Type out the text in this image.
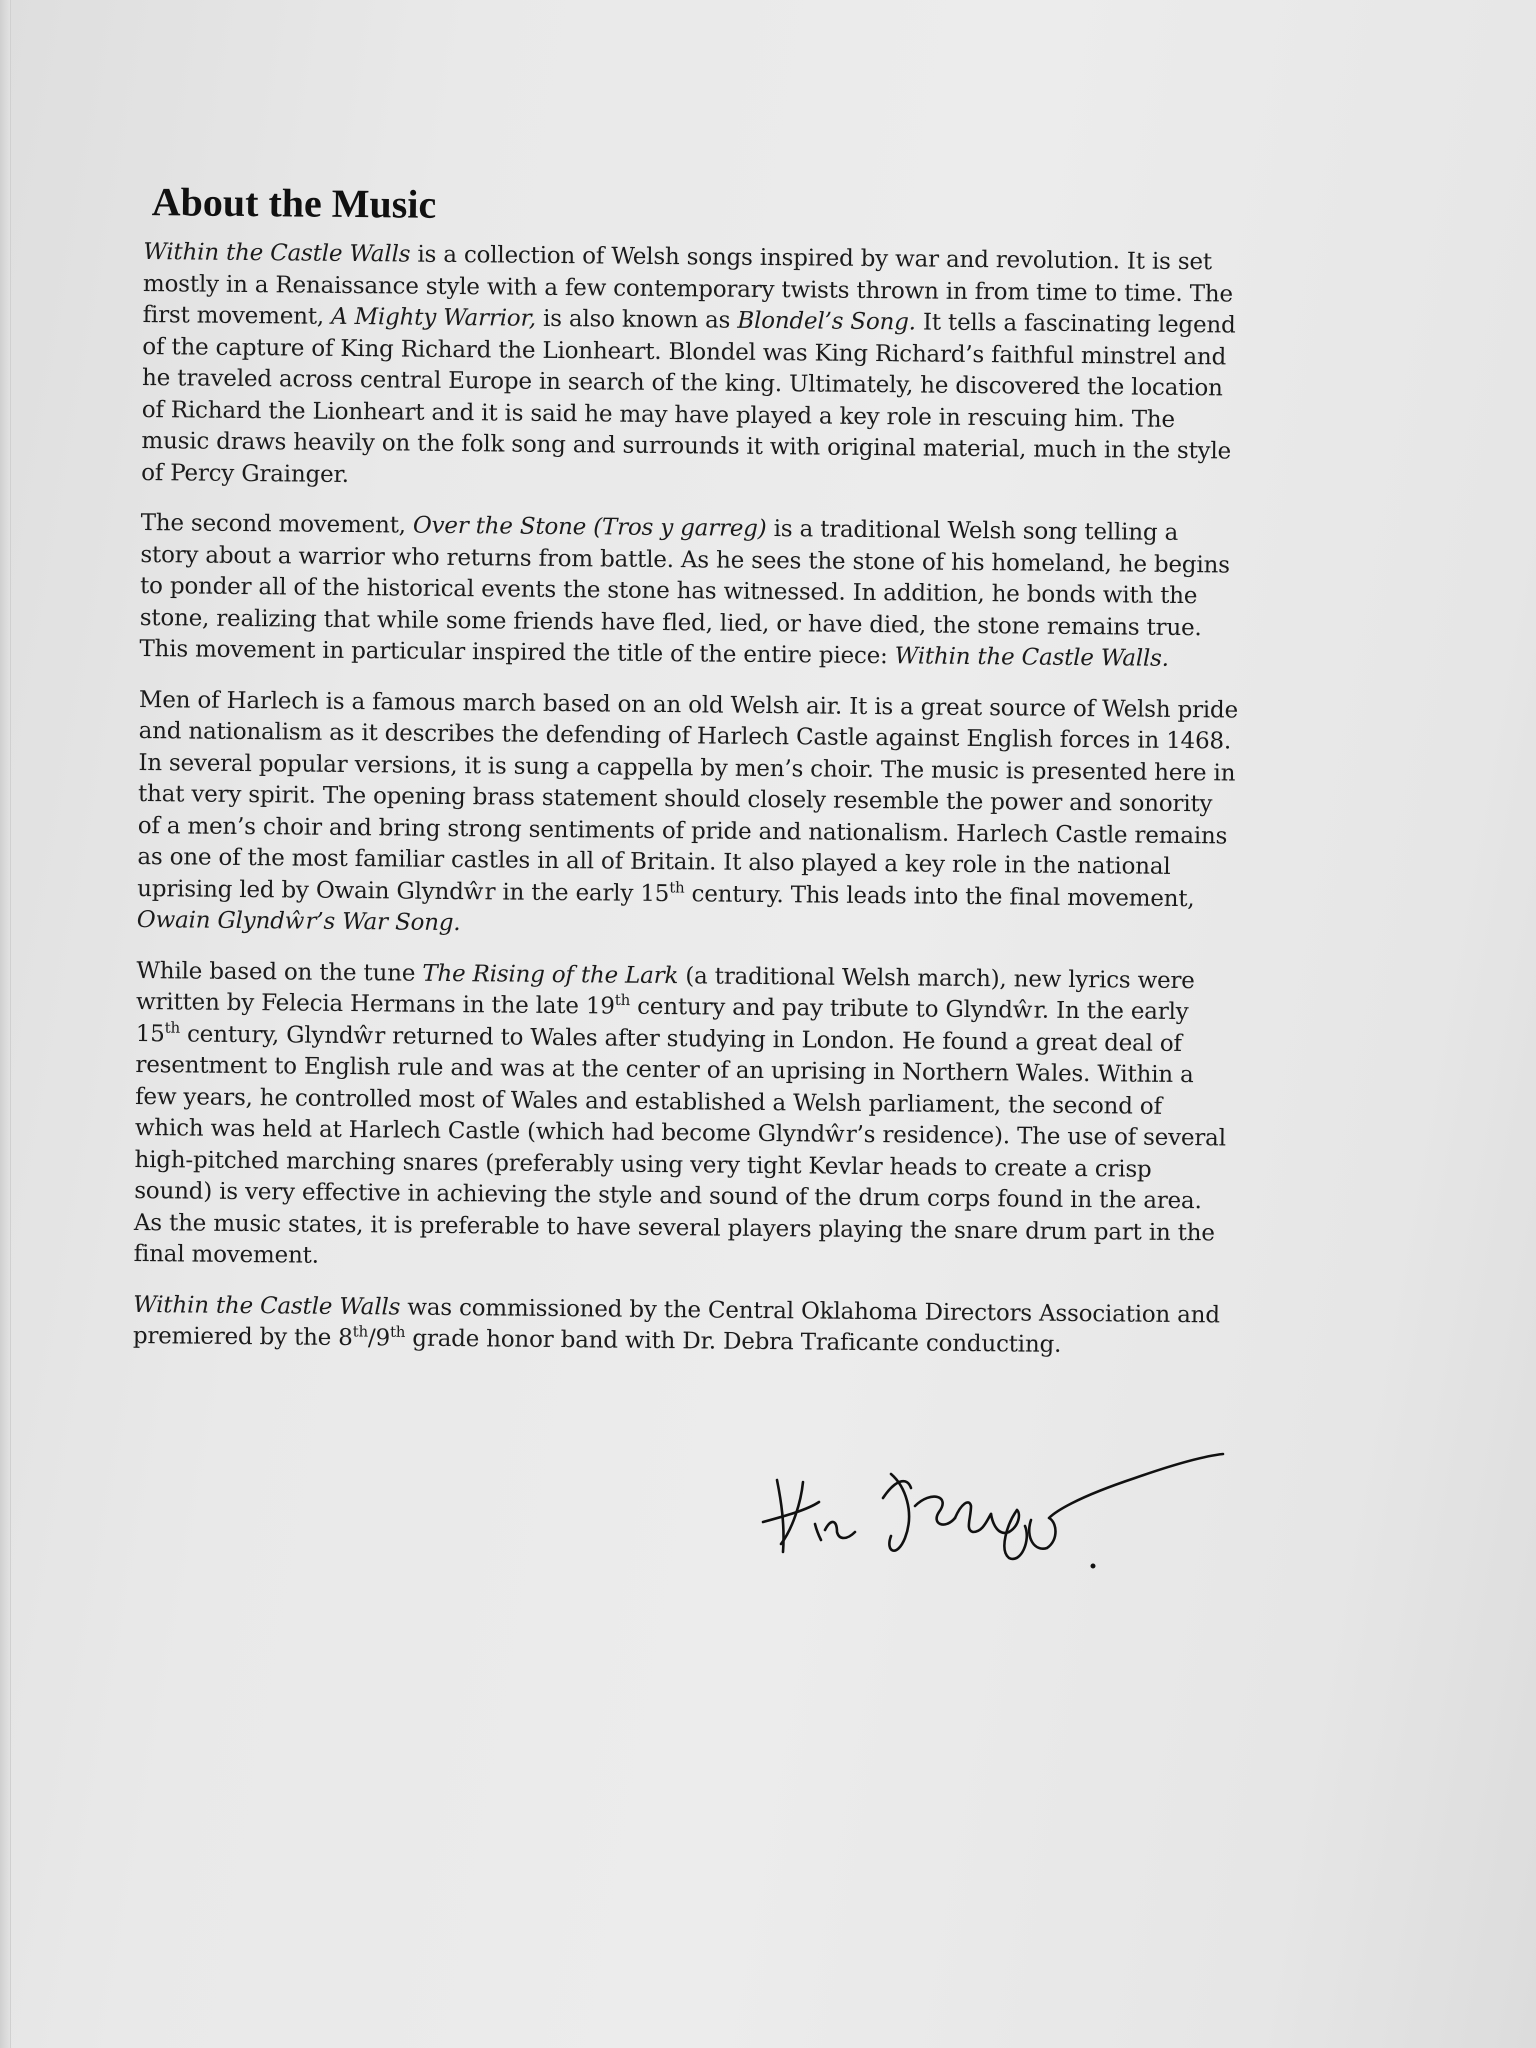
About the Music

Within the Castle Walls is a collection of Welsh songs inspired by war and revolution. It is set mostly in a Renaissance style with a few contemporary twists thrown in from time to time. The first movement, A Mighty Warrior, is also known as Blondel’s Song. It tells a fascinating legend of the capture of King Richard the Lionheart. Blondel was King Richard’s faithful minstrel and he traveled across central Europe in search of the king. Ultimately, he discovered the location of Richard the Lionheart and it is said he may have played a key role in rescuing him. The music draws heavily on the folk song and surrounds it with original material, much in the style of Percy Grainger.

The second movement, Over the Stone (Tros y garreg) is a traditional Welsh song telling a story about a warrior who returns from battle. As he sees the stone of his homeland, he begins to ponder all of the historical events the stone has witnessed. In addition, he bonds with the stone, realizing that while some friends have fled, lied, or have died, the stone remains true. This movement in particular inspired the title of the entire piece: Within the Castle Walls.

Men of Harlech is a famous march based on an old Welsh air. It is a great source of Welsh pride and nationalism as it describes the defending of Harlech Castle against English forces in 1468. In several popular versions, it is sung a cappella by men’s choir. The music is presented here in that very spirit. The opening brass statement should closely resemble the power and sonority of a men’s choir and bring strong sentiments of pride and nationalism. Harlech Castle remains as one of the most familiar castles in all of Britain. It also played a key role in the national uprising led by Owain Glyndŵr in the early 15th century. This leads into the final movement, Owain Glyndŵr’s War Song.

While based on the tune The Rising of the Lark (a traditional Welsh march), new lyrics were written by Felecia Hermans in the late 19th century and pay tribute to Glyndŵr. In the early 15th century, Glyndŵr returned to Wales after studying in London. He found a great deal of resentment to English rule and was at the center of an uprising in Northern Wales. Within a few years, he controlled most of Wales and established a Welsh parliament, the second of which was held at Harlech Castle (which had become Glyndŵr’s residence). The use of several high-pitched marching snares (preferably using very tight Kevlar heads to create a crisp sound) is very effective in achieving the style and sound of the drum corps found in the area. As the music states, it is preferable to have several players playing the snare drum part in the final movement.

Within the Castle Walls was commissioned by the Central Oklahoma Directors Association and premiered by the 8th/9th grade honor band with Dr. Debra Traficante conducting.
